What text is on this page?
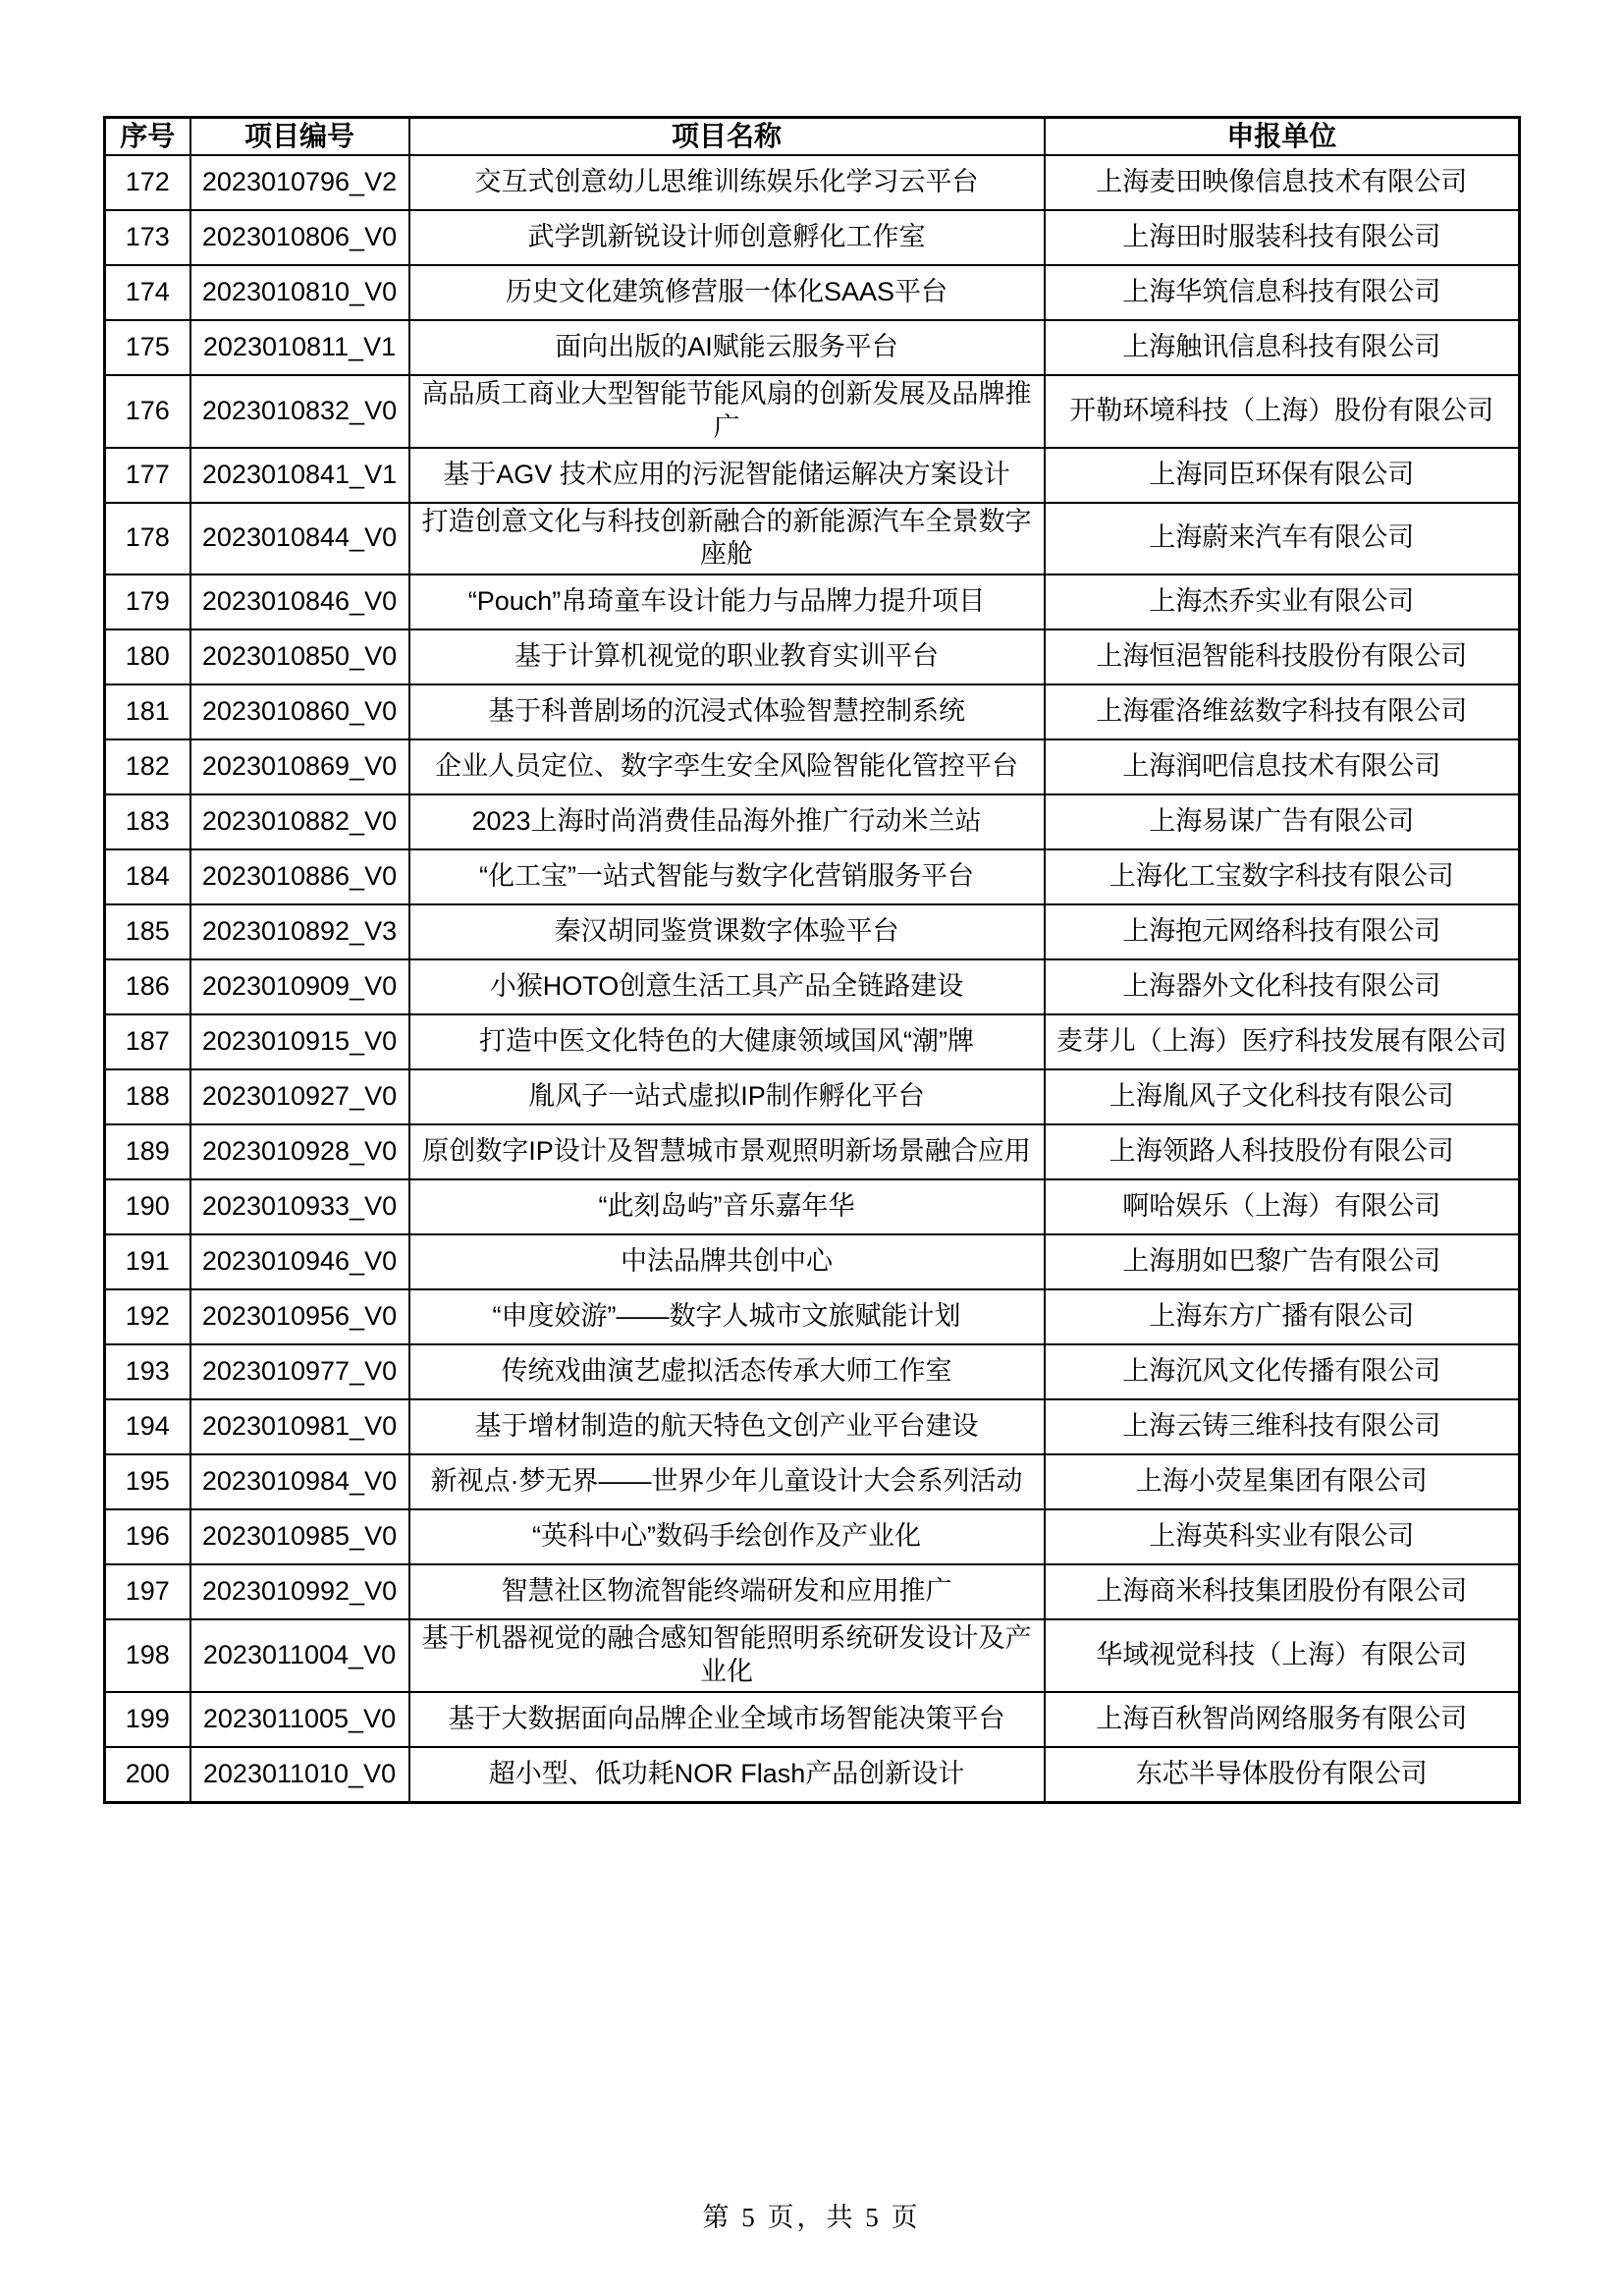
序号	项目编号	项目名称	申报单位
172	2023010796_V2	交互式创意幼儿思维训练娱乐化学习云平台	上海麦田映像信息技术有限公司
173	2023010806_V0	武学凯新锐设计师创意孵化工作室	上海田时服装科技有限公司
174	2023010810_V0	历史文化建筑修营服一体化SAAS平台	上海华筑信息科技有限公司
175	2023010811_V1	面向出版的AI赋能云服务平台	上海触讯信息科技有限公司
176	2023010832_V0	高品质工商业大型智能节能风扇的创新发展及品牌推广	开勒环境科技（上海）股份有限公司
177	2023010841_V1	基于AGV 技术应用的污泥智能储运解决方案设计	上海同臣环保有限公司
178	2023010844_V0	打造创意文化与科技创新融合的新能源汽车全景数字座舱	上海蔚来汽车有限公司
179	2023010846_V0	“Pouch”帛琦童车设计能力与品牌力提升项目	上海杰乔实业有限公司
180	2023010850_V0	基于计算机视觉的职业教育实训平台	上海恒浥智能科技股份有限公司
181	2023010860_V0	基于科普剧场的沉浸式体验智慧控制系统	上海霍洛维兹数字科技有限公司
182	2023010869_V0	企业人员定位、数字孪生安全风险智能化管控平台	上海润吧信息技术有限公司
183	2023010882_V0	2023上海时尚消费佳品海外推广行动米兰站	上海易谋广告有限公司
184	2023010886_V0	“化工宝”一站式智能与数字化营销服务平台	上海化工宝数字科技有限公司
185	2023010892_V3	秦汉胡同鉴赏课数字体验平台	上海抱元网络科技有限公司
186	2023010909_V0	小猴HOTO创意生活工具产品全链路建设	上海器外文化科技有限公司
187	2023010915_V0	打造中医文化特色的大健康领域国风“潮”牌	麦芽儿（上海）医疗科技发展有限公司
188	2023010927_V0	胤风子一站式虚拟IP制作孵化平台	上海胤风子文化科技有限公司
189	2023010928_V0	原创数字IP设计及智慧城市景观照明新场景融合应用	上海领路人科技股份有限公司
190	2023010933_V0	“此刻岛屿”音乐嘉年华	啊哈娱乐（上海）有限公司
191	2023010946_V0	中法品牌共创中心	上海朋如巴黎广告有限公司
192	2023010956_V0	“申度姣游”——数字人城市文旅赋能计划	上海东方广播有限公司
193	2023010977_V0	传统戏曲演艺虚拟活态传承大师工作室	上海沉风文化传播有限公司
194	2023010981_V0	基于增材制造的航天特色文创产业平台建设	上海云铸三维科技有限公司
195	2023010984_V0	新视点·梦无界——世界少年儿童设计大会系列活动	上海小荧星集团有限公司
196	2023010985_V0	“英科中心”数码手绘创作及产业化	上海英科实业有限公司
197	2023010992_V0	智慧社区物流智能终端研发和应用推广	上海商米科技集团股份有限公司
198	2023011004_V0	基于机器视觉的融合感知智能照明系统研发设计及产业化	华域视觉科技（上海）有限公司
199	2023011005_V0	基于大数据面向品牌企业全域市场智能决策平台	上海百秋智尚网络服务有限公司
200	2023011010_V0	超小型、低功耗NOR Flash产品创新设计	东芯半导体股份有限公司
第 5 页，共 5 页
